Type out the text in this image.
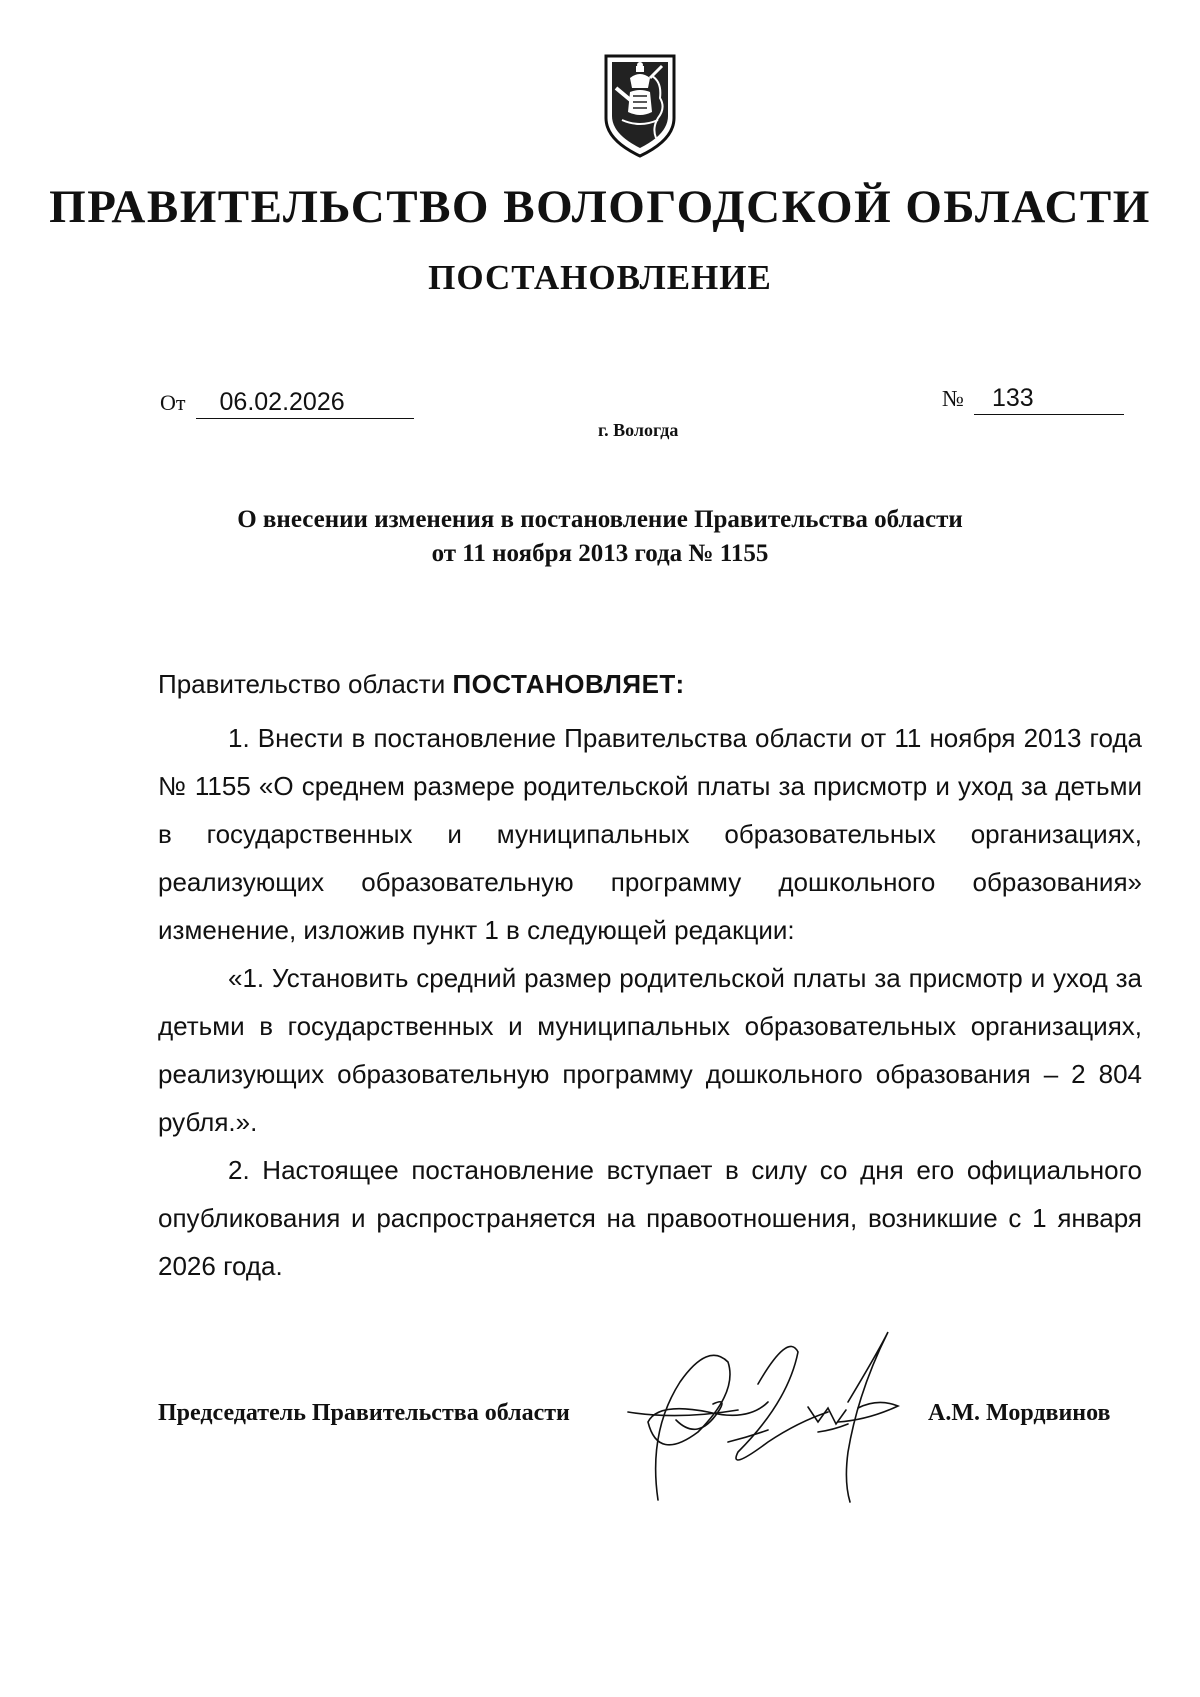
ПРАВИТЕЛЬСТВО ВОЛОГОДСКОЙ ОБЛАСТИ
ПОСТАНОВЛЕНИЕ
От 06.02.2026	№ 133
г. Вологда
О внесении изменения в постановление Правительства области
от 11 ноября 2013 года № 1155

Правительство области ПОСТАНОВЛЯЕТ:

1. Внести в постановление Правительства области от 11 ноября 2013 года № 1155 «О среднем размере родительской платы за присмотр и уход за детьми в государственных и муниципальных образовательных организациях, реализующих образовательную программу дошкольного образования» изменение, изложив пункт 1 в следующей редакции:

«1. Установить средний размер родительской платы за присмотр и уход за детьми в государственных и муниципальных образовательных организациях, реализующих образовательную программу дошкольного образования – 2 804 рубля.».

2. Настоящее постановление вступает в силу со дня его официального опубликования и распространяется на правоотношения, возникшие с 1 января 2026 года.

Председатель Правительства области	А.М. Мордвинов
